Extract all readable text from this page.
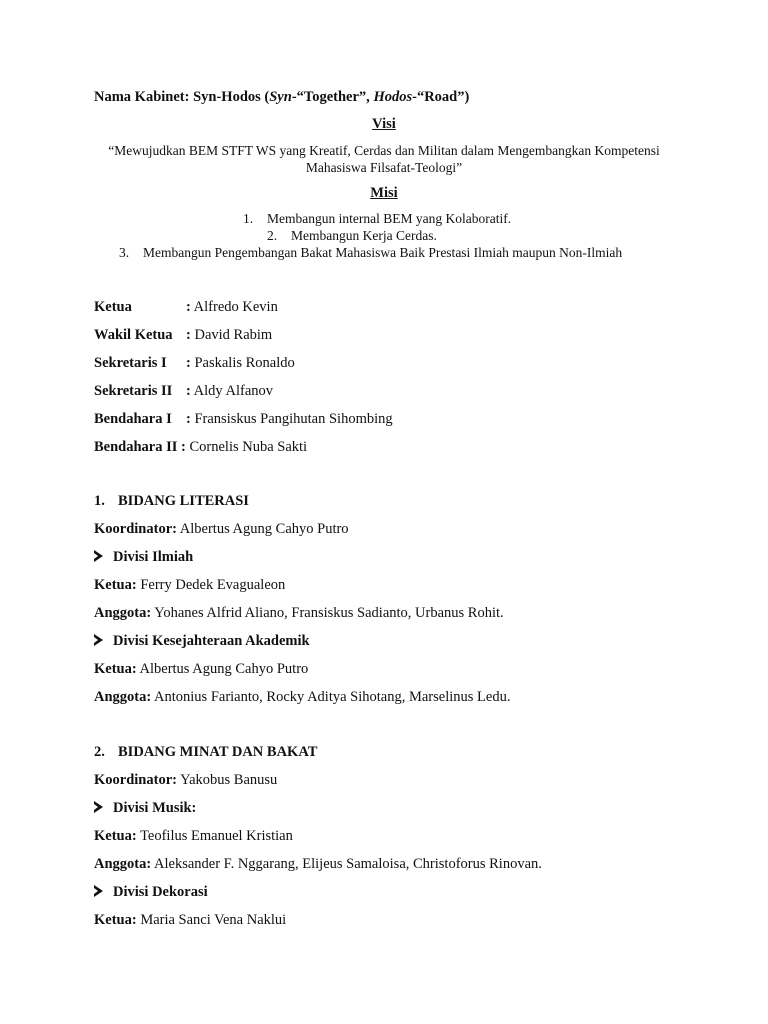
Nama Kabinet: Syn-Hodos (Syn-“Together”, Hodos-“Road”)
Visi
“Mewujudkan BEM STFT WS yang Kreatif, Cerdas dan Militan dalam Mengembangkan Kompetensi
Mahasiswa Filsafat-Teologi”
Misi
1. Membangun internal BEM yang Kolaboratif.
2. Membangun Kerja Cerdas.
3. Membangun Pengembangan Bakat Mahasiswa Baik Prestasi Ilmiah maupun Non-Ilmiah
Ketua	: Alfredo Kevin
Wakil Ketua : David Rabim
Sekretaris I : Paskalis Ronaldo
Sekretaris II : Aldy Alfanov
Bendahara I : Fransiskus Pangihutan Sihombing
Bendahara II : Cornelis Nuba Sakti
1. BIDANG LITERASI
Koordinator: Albertus Agung Cahyo Putro
Divisi Ilmiah
Ketua: Ferry Dedek Evagualeon
Anggota: Yohanes Alfrid Aliano, Fransiskus Sadianto, Urbanus Rohit.
Divisi Kesejahteraan Akademik
Ketua: Albertus Agung Cahyo Putro
Anggota: Antonius Farianto, Rocky Aditya Sihotang, Marselinus Ledu.
2. BIDANG MINAT DAN BAKAT
Koordinator: Yakobus Banusu
Divisi Musik:
Ketua: Teofilus Emanuel Kristian
Anggota: Aleksander F. Nggarang, Elijeus Samaloisa, Christoforus Rinovan.
Divisi Dekorasi
Ketua: Maria Sanci Vena Naklui
